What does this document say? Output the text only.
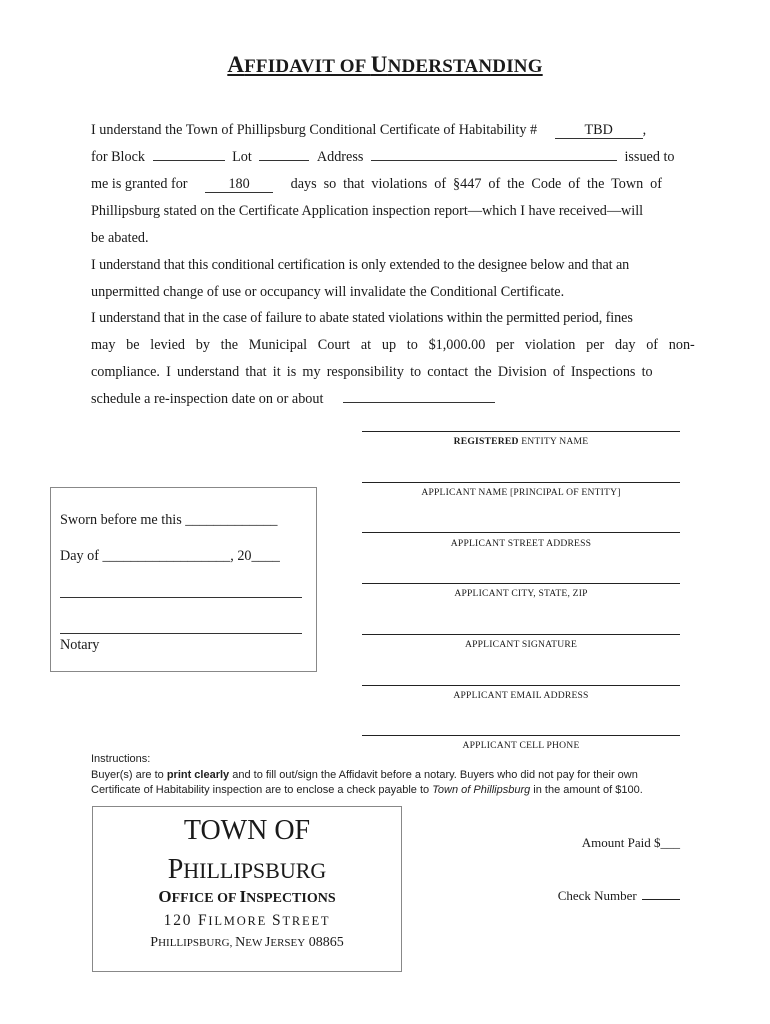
AFFIDAVIT OF UNDERSTANDING
I understand the Town of Phillipsburg Conditional Certificate of Habitability #	TBD ,
for Block	Lot	Address	issued to
me is granted for	180	days so that violations of §447 of the Code of the Town of
Phillipsburg stated on the Certificate Application inspection report—which I have received—will
be abated.
I understand that this conditional certification is only extended to the designee below and that an
unpermitted change of use or occupancy will invalidate the Conditional Certificate.
I understand that in the case of failure to abate stated violations within the permitted period, fines
may be levied by the Municipal Court at up to $1,000.00 per violation per day of non-
compliance. I understand that it is my responsibility to contact the Division of Inspections to
schedule a re-inspection date on or about
REGISTERED ENTITY NAME
APPLICANT NAME [PRINCIPAL OF ENTITY]
APPLICANT STREET ADDRESS
APPLICANT CITY, STATE, ZIP
APPLICANT SIGNATURE
APPLICANT EMAIL ADDRESS
APPLICANT CELL PHONE
Sworn before me this _____________
Day of __________________, 20____
Notary
Instructions:
Buyer(s) are to print clearly and to fill out/sign the Affidavit before a notary. Buyers who did not pay for their own
Certificate of Habitability inspection are to enclose a check payable to Town of Phillipsburg in the amount of $100.
TOWN OF
PHILLIPSBURG
OFFICE OF INSPECTIONS
120 FILMORE STREET
PHILLIPSBURG, NEW JERSEY 08865
Amount Paid $___
Check Number
